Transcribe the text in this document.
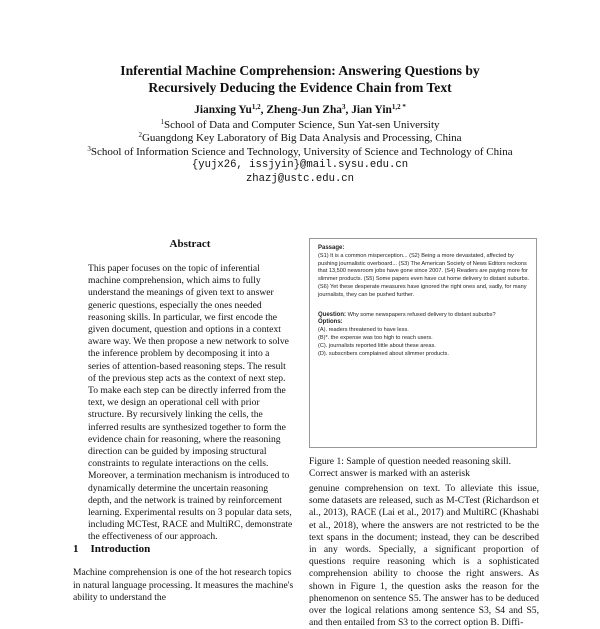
Inferential Machine Comprehension: Answering Questions by
Recursively Deducing the Evidence Chain from Text
Jianxing Yu$^{1,2}$, Zheng-Jun Zha$^3$, Jian Yin$^{1,2 *}$
$^1$School of Data and Computer Science, Sun Yat-sen University
$^2$Guangdong Key Laboratory of Big Data Analysis and Processing, China
$^3$School of Information Science and Technology, University of Science and Technology of China
{yujx26, issjyin}@mail.sysu.edu.cn
zhazj@ustc.edu.cn
Abstract
This paper focuses on the topic of inferential machine comprehension, which aims to fully understand the meanings of given text to answer generic questions, especially the ones needed reasoning skills. In particular, we first encode the given document, question and options in a context aware way. We then propose a new network to solve the inference problem by decomposing it into a series of attention-based reasoning steps. The result of the previous step acts as the context of next step. To make each step can be directly inferred from the text, we design an operational cell with prior structure. By recursively linking the cells, the inferred results are synthesized together to form the evidence chain for reasoning, where the reasoning direction can be guided by imposing structural constraints to regulate interactions on the cells. Moreover, a termination mechanism is introduced to dynamically determine the uncertain reasoning depth, and the network is trained by reinforcement learning. Experimental results on 3 popular data sets, including MCTest, RACE and MultiRC, demonstrate the effectiveness of our approach.
1 Introduction
Machine comprehension is one of the hot research topics in natural language processing. It measures the machine's ability to understand the
Passage:
(S1) It is a common misperception... (S2) Being a more devastated, affected by pushing journalistic overboard... (S3) The American Society of News Editors reckons that 13,500 newsroom jobs have gone since 2007. (S4) Readers are paying more for slimmer products. (S5) Some papers even have cut home delivery to distant suburbs. (S6) Yet these desperate measures have ignored the right ones and, sadly, for many journalists, they can be pushed further.
Question: Why some newspapers refused delivery to distant suburbs?
Options:
(A). readers threatened to have less.
(B)*. the expense was too high to reach users.
(C). journalists reported little about these areas.
(D). subscribers complained about slimmer products.
Figure 1: Sample of question needed reasoning skill. Correct answer is marked with an asterisk
genuine comprehension on text. To alleviate this issue, some datasets are released, such as M-CTest (Richardson et al., 2013), RACE (Lai et al., 2017) and MultiRC (Khashabi et al., 2018), where the answers are not restricted to be the text spans in the document; instead, they can be described in any words. Specially, a significant proportion of questions require reasoning which is a sophisticated comprehension ability to choose the right answers. As shown in Figure 1, the question asks the reason for the phenomenon on sentence S5. The answer has to be deduced over the logical relations among sentence S3, S4 and S5, and then entailed from S3 to the correct option B. Diffi-
